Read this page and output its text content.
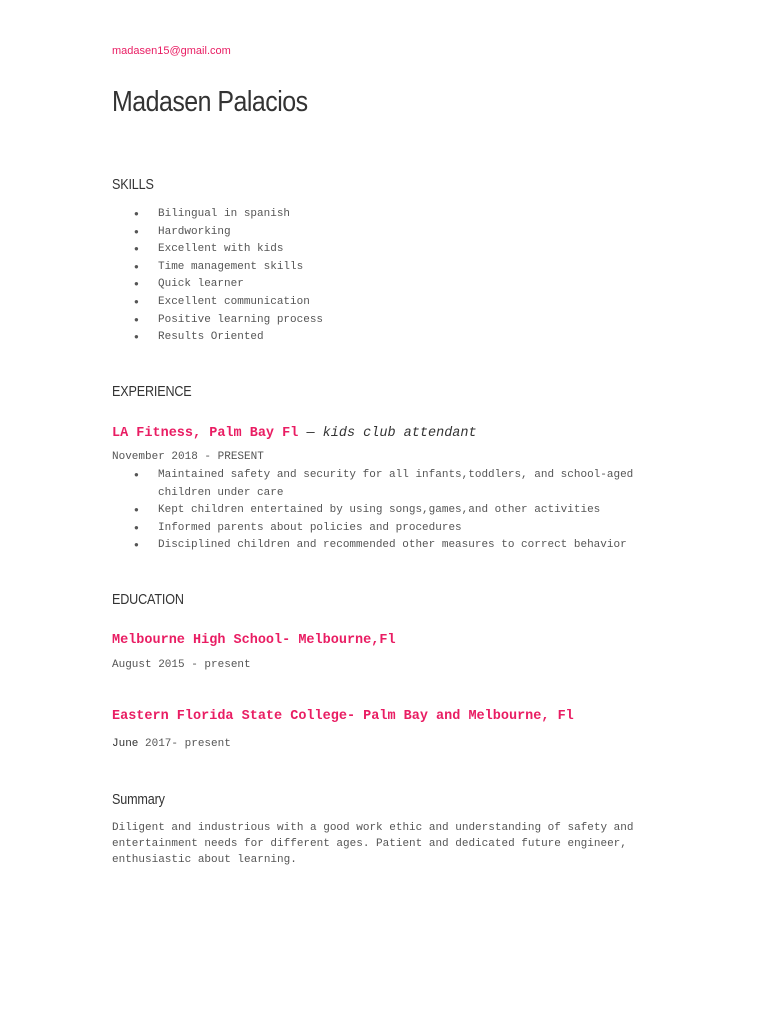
madasen15@gmail.com
Madasen Palacios
SKILLS
● Bilingual in spanish
● Hardworking
● Excellent with kids
● Time management skills
● Quick learner
● Excellent communication
● Positive learning process
● Results Oriented
EXPERIENCE
LA Fitness, Palm Bay Fl — kids club attendant
November 2018 - PRESENT
● Maintained safety and security for all infants,toddlers, and school-aged children under care
● Kept children entertained by using songs,games,and other activities
● Informed parents about policies and procedures
● Disciplined children and recommended other measures to correct behavior
EDUCATION
Melbourne High School- Melbourne,Fl
August 2015 - present
Eastern Florida State College- Palm Bay and Melbourne, Fl
June 2017- present
Summary
Diligent and industrious with a good work ethic and understanding of safety and entertainment needs for different ages. Patient and dedicated future engineer, enthusiastic about learning.
